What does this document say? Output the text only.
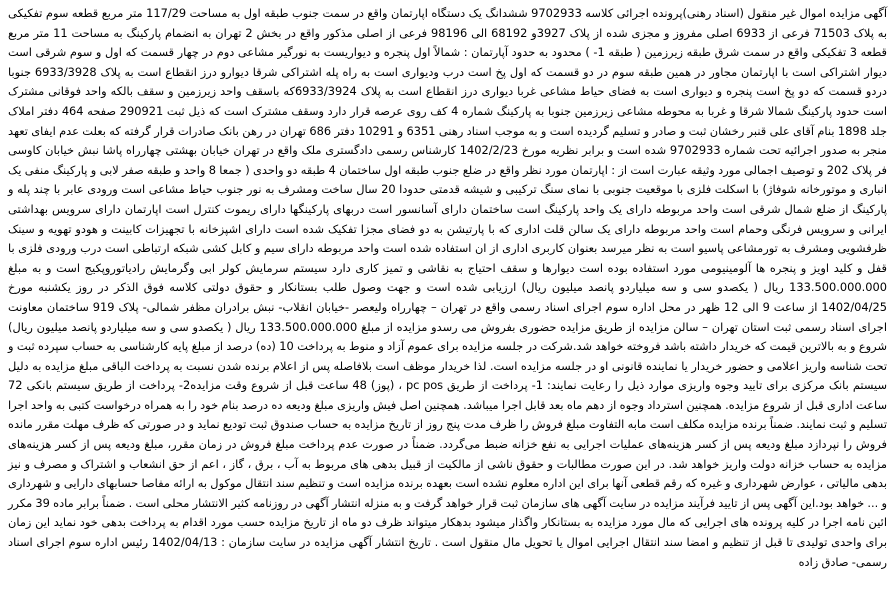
آگهی مزایده اموال غیر منقول (اسناد رهنی)پرونده اجرائی کلاسه 9702933 ششدانگ یک دستگاه اپارتمان واقع در سمت جنوب طبقه اول به مساحت 117/29 متر مربع قطعه سوم تفکیکی به پلاک 71503 فرعی از 6933 اصلی مفروز و مجزی شده از پلاک 3927و 68192 الی 98196 فرعی از اصلی مذکور واقع در بخش 2 تهران به انضمام پارکینگ به مساحت 11 متر مربع قطعه 3 تفکیکی واقع در سمت شرق طبقه زیرزمین ( طبقه 1- ) محدود به حدود آپارتمان : شمالاً اول پنجره و دیواریست به نورگیر مشاعی دوم در چهار قسمت که اول و سوم شرقی است دیوار اشتراکی است با اپارتمان مجاور در همین طبقه سوم در دو قسمت که اول پخ است درب ودیواری است به راه پله اشتراکی شرقا دیوارو درز انقطاع است به پلاک 6933/3928 جنوبا دردو قسمت که دو پخ است پنجره و دیواری است به فضای حیاط مشاعی غربا دیواری درز انقطاع است به پلاک 6933/3924که باسقف واحد زیرزمین و سقف بالکه واحد فوقانی مشترک است حدود پارکینگ شمالا شرقا و غربا به محوطه مشاعی زیرزمین جنوبا به پارکینگ شماره 4 کف روی عرصه قرار دارد وسقف مشترک است که ذیل ثبت 290921 صفحه 464 دفتر املاک جلد 1898 بنام آقای علی قنبر رخشان ثبت و صادر و تسلیم گردیده است و به موجب اسناد رهنی 6351 و 10291 دفتر 686 تهران در رهن بانک صادرات قرار گرفته که بعلت عدم ایفای تعهد منجر به صدور اجرائیه تحت شماره 9702933 شده است و برابر نظریه مورخ 1402/2/23 کارشناس رسمی دادگستری ملک واقع در تهران خیابان بهشتی چهارراه پاشا نبش خیابان کاوسی فر پلاک 202 و توصیف اجمالی مورد وثیقه عبارت است از : اپارتمان مورد نظر واقع در ضلع جنوب طبقه اول ساختمان 4 طبقه دو واحدی ( جمعا 8 واحد و طبقه صفر لابی و پارکینگ منفی یک انباری و موتورخانه شوفاژ) با اسکلت فلزی با موقعیت جنوبی با نمای سنگ ترکیبی و شیشه قدمتی حدودا 20 سال ساخت ومشرف به نور جنوب حیاط مشاعی است ورودی عابر با چند پله و پارکینگ از ضلع شمال شرقی است واحد مربوطه دارای یک واحد پارکینگ است ساختمان دارای آسانسور است دربهای پارکینگها دارای ریموت کنترل است اپارتمان دارای سرویس بهداشتی ایرانی و سرویس فرنگی وحمام است واحد مربوطه دارای یک سالن قلت اداری که با پارتیشن به دو فضای مجزا تفکیک شده است دارای اشپزخانه با تجهیزات کابینت و هودو تهویه و سینک ظرفشویی ومشرف به تورمشاعی پاسیو است به نظر میرسد بعنوان کاربری اداری از ان استفاده شده است واحد مربوطه دارای سیم و کابل کشی شبکه ارتباطی است درب ورودی فلزی با قفل و کلید اویز و پنجره ها آلومینیومی مورد استفاده بوده است دیوارها و سقف احتیاج به نقاشی و تمیز کاری دارد سیستم سرمایش کولر ابی وگرمایش رادیاتوروپکیج است و به مبلغ 133.500.000.000 ریال ( یکصدو سی و سه میلیاردو پانصد میلیون ریال) ارزیابی شده است و جهت وصول طلب بستانکار و حقوق دولتی کلاسه فوق الذکر در روز یکشنبه مورخ 1402/04/25 از ساعت 9 الی 12 ظهر در محل اداره سوم اجرای اسناد رسمی واقع در تهران – چهارراه ولیعصر -خیابان انقلاب- نبش برادران مظفر شمالی- پلاک 919 ساختمان معاونت اجرای اسناد رسمی ثبت استان تهران – سالن مزایده از طریق مزایده حضوری بفروش می رسدو مزایده از مبلغ 133.500.000.000 ریال ( یکصدو سی و سه میلیاردو پانصد میلیون ریال) شروع و به بالاترین قیمت که خریدار داشته باشد فروخته خواهد شد.شرکت در جلسه مزایده برای عموم آزاد و منوط به پرداخت 10 (ده) درصد از مبلغ پایه کارشناسی به حساب سپرده ثبت و تحت شناسه واریز اعلامی و حضور خریدار یا نماینده قانونی او در جلسه مزایده است. لذا خریدار موظف است بلافاصله پس از اعلام برنده شدن نسبت به پرداخت الباقی مبلغ مزایده به دلیل سیستم بانک مرکزی برای تایید وجوه واریزی موارد ذیل را رعایت نمایند: 1- پرداخت از طریق pc pos ، (پوز) 48 ساعت قبل از شروع وقت مزایده2- پرداخت از طریق سیستم بانکی 72 ساعت اداری قبل از شروع مزایده. همچنین استرداد وجوه از دهم ماه بعد قابل اجرا میباشد. همچنین اصل فیش واریزی مبلغ ودیعه ده درصد بنام خود را به همراه درخواست کتبی به واحد اجرا تسلیم و ثبت نمایند. ضمناً برنده مزایده مکلف است مابه التفاوت مبلغ فروش را ظرف مدت پنج روز از تاریخ مزایده به حساب صندوق ثبت تودیع نماید و در صورتی که ظرف مهلت مقرر مانده فروش را نپردازد مبلغ ودیعه پس از کسر هزینه‌های عملیات اجرایی به نفع خزانه ضبط می‌گردد. ضمناً در صورت عدم پرداخت مبلغ فروش در زمان مقرر، مبلغ ودیعه پس از کسر هزینه‌های مزایده به حساب خزانه دولت واریز خواهد شد. در این صورت مطالبات و حقوق ناشی از مالکیت از قبیل بدهی های مربوط به آب ، برق ، گاز ، اعم از حق انشعاب و اشتراک و مصرف و نیز بدهی مالیاتی ، عوارض شهرداری و غیره که رقم قطعی آنها برای این اداره معلوم نشده است بعهده برنده مزایده است و تنظیم سند انتقال موکول به ارائه مفاصا حسابهای دارایی و شهرداری و ... خواهد بود.این آگهی پس از تایید فرآیند مزایده در سایت آگهی های سازمان ثبت قرار خواهد گرفت و به منزله انتشار آگهی در روزنامه کثیر الانتشار محلی است . ضمناً برابر ماده 39 مکرر ائین نامه اجرا در کلیه پرونده های اجرایی که مال مورد مزایده به بستانکار واگذار میشود بدهکار میتواند ظرف دو ماه از تاریخ مزایده حسب مورد اقدام به پرداخت بدهی خود نماید این زمان برای واحدی تولیدی تا قبل از تنظیم و امضا سند انتقال اجرایی اموال یا تحویل مال منقول است . تاریخ انتشار آگهی مزایده در سایت سازمان : 1402/04/13 رئیس اداره سوم اجرای اسناد رسمی- صادق زاده
